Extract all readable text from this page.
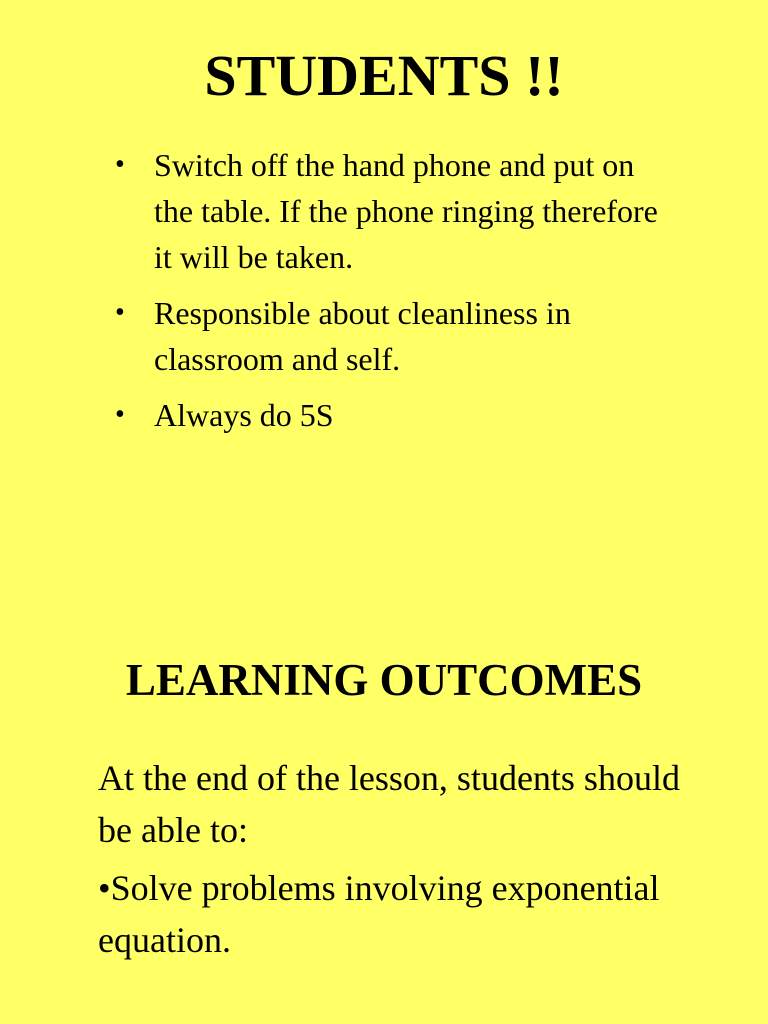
STUDENTS !!
• Switch off the hand phone and put on the table. If the phone ringing therefore it will be taken.
• Responsible about cleanliness in classroom and self.
• Always do 5S
LEARNING OUTCOMES

At the end of the lesson, students should be able to:

•Solve problems involving exponential equation.
